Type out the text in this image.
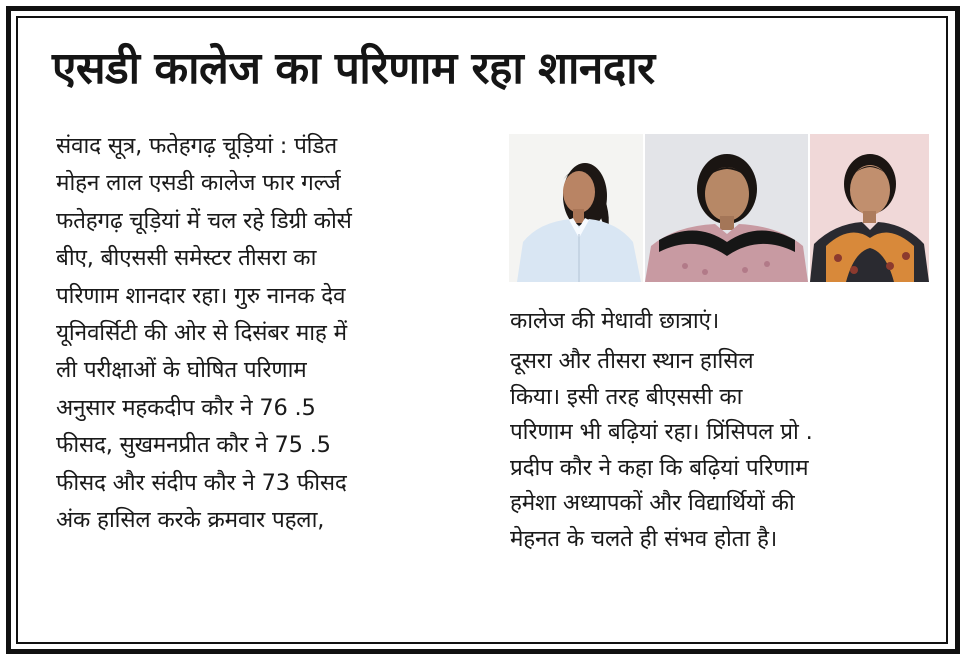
एसडी कालेज का परिणाम रहा शानदार
संवाद सूत्र, फतेहगढ़ चूड़ियां : पंडित
मोहन लाल एसडी कालेज फार गर्ल्ज
फतेहगढ़ चूड़ियां में चल रहे डिग्री कोर्स
बीए, बीएससी समेस्टर तीसरा का
परिणाम शानदार रहा। गुरु नानक देव
यूनिवर्सिटी की ओर से दिसंबर माह में
ली परीक्षाओं के घोषित परिणाम
अनुसार महकदीप कौर ने 76 .5
फीसद, सुखमनप्रीत कौर ने 75 .5
फीसद और संदीप कौर ने 73 फीसद
अंक हासिल करके क्रमवार पहला,
कालेज की मेधावी छात्राएं।
दूसरा और तीसरा स्थान हासिल
किया। इसी तरह बीएससी का
परिणाम भी बढ़ियां रहा। प्रिंसिपल प्रो .
प्रदीप कौर ने कहा कि बढ़ियां परिणाम
हमेशा अध्यापकों और विद्यार्थियों की
मेहनत के चलते ही संभव होता है।
